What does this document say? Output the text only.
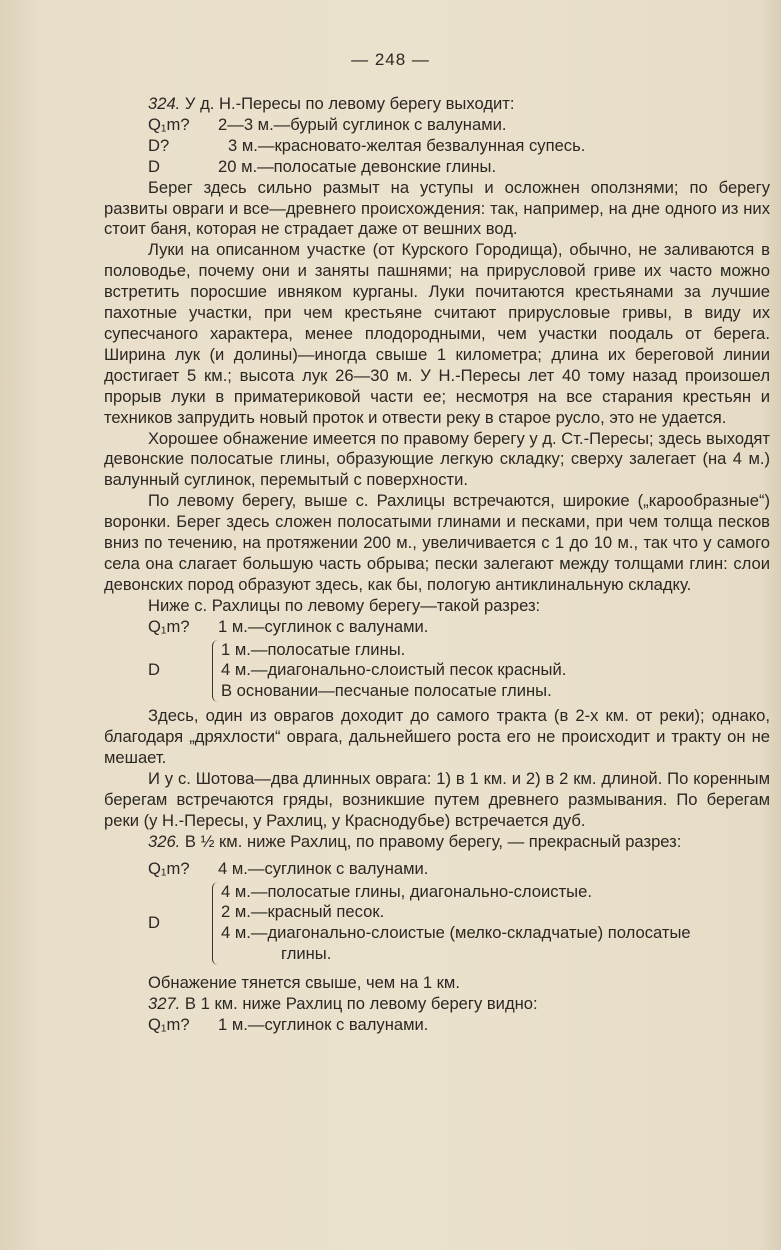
— 248 —

324. У д. Н.-Пересы по левому берегу выходит:

Q₁m?	2—3 м.—бурый суглинок с валунами.
D?	3 м.—красновато-желтая безвалунная супесь.
D	20 м.—полосатые девонские глины.

Берег здесь сильно размыт на уступы и осложнен оползнями; по берегу развиты овраги и все—древнего происхождения: так, например, на дне одного из них стоит баня, которая не страдает даже от вешних вод.

Луки на описанном участке (от Курского Городища), обычно, не заливаются в половодье, почему они и заняты пашнями; на прирусловой гриве их часто можно встретить поросшие ивняком курганы. Луки почитаются крестьянами за лучшие пахотные участки, при чем крестьяне считают прирусловые гривы, в виду их супесчаного характера, менее плодородными, чем участки поодаль от берега. Ширина лук (и долины)—иногда свыше 1 километра; длина их береговой линии достигает 5 км.; высота лук 26—30 м. У Н.-Пересы лет 40 тому назад произошел прорыв луки в приматериковой части ее; несмотря на все старания крестьян и техников запрудить новый проток и отвести реку в старое русло, это не удается.

Хорошее обнажение имеется по правому берегу у д. Ст.-Пересы; здесь выходят девонские полосатые глины, образующие легкую складку; сверху залегает (на 4 м.) валунный суглинок, перемытый с поверхности.

По левому берегу, выше с. Рахлицы встречаются, широкие („карообразные“) воронки. Берег здесь сложен полосатыми глинами и песками, при чем толща песков вниз по течению, на протяжении 200 м., увеличивается с 1 до 10 м., так что у самого села она слагает большую часть обрыва; пески залегают между толщами глин: слои девонских пород образуют здесь, как бы, пологую антиклинальную складку.

Ниже с. Рахлицы по левому берегу—такой разрез:

Q₁m?	1 м.—суглинок с валунами.
D
1 м.—полосатые глины.
4 м.—диагонально-слоистый песок красный.
В основании—песчаные полосатые глины.

Здесь, один из оврагов доходит до самого тракта (в 2-х км. от реки); однако, благодаря „дряхлости“ оврага, дальнейшего роста его не происходит и тракту он не мешает.

И у с. Шотова—два длинных оврага: 1) в 1 км. и 2) в 2 км. длиной. По коренным берегам встречаются гряды, возникшие путем древнего размывания. По берегам реки (у Н.-Пересы, у Рахлиц, у Краснодубье) встречается дуб.

326. В ½ км. ниже Рахлиц, по правому берегу, — прекрасный разрез:

Q₁m?	4 м.—суглинок с валунами.
D
4 м.—полосатые глины, диагонально-слоистые.
2 м.—красный песок.
4 м.—диагонально-слоистые (мелко-складчатые) полосатые
глины.

Обнажение тянется свыше, чем на 1 км.

327. В 1 км. ниже Рахлиц по левому берегу видно:

Q₁m?	1 м.—суглинок с валунами.
